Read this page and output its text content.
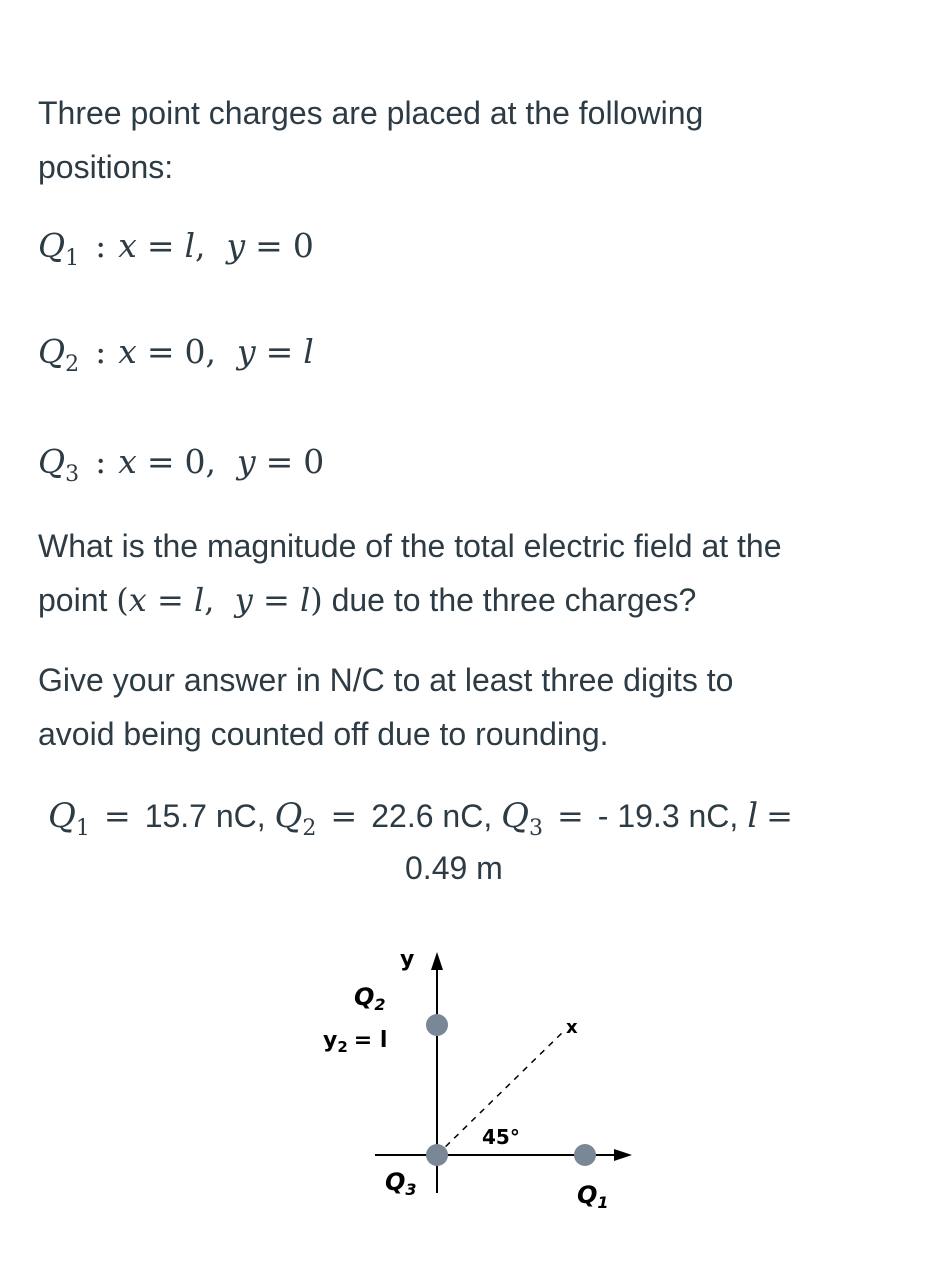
Three point charges are placed at the following

positions:

$Q_1$ : x = l,  y = 0
$Q_2$ : x = 0,  y = l
$Q_3$ : x = 0,  y = 0

What is the magnitude of the total electric field at the

point (x = l,  y = l) due to the three charges?

Give your answer in N/C to at least three digits to

avoid being counted off due to rounding.

$Q_1 = 15.7$ nC, $Q_2 = 22.6$ nC, $Q_3$ = - 19.3 nC, l =
0.49 m
y
x
$Q_2$
$y_2 = l$
45°
$Q_3$	$Q_1$
